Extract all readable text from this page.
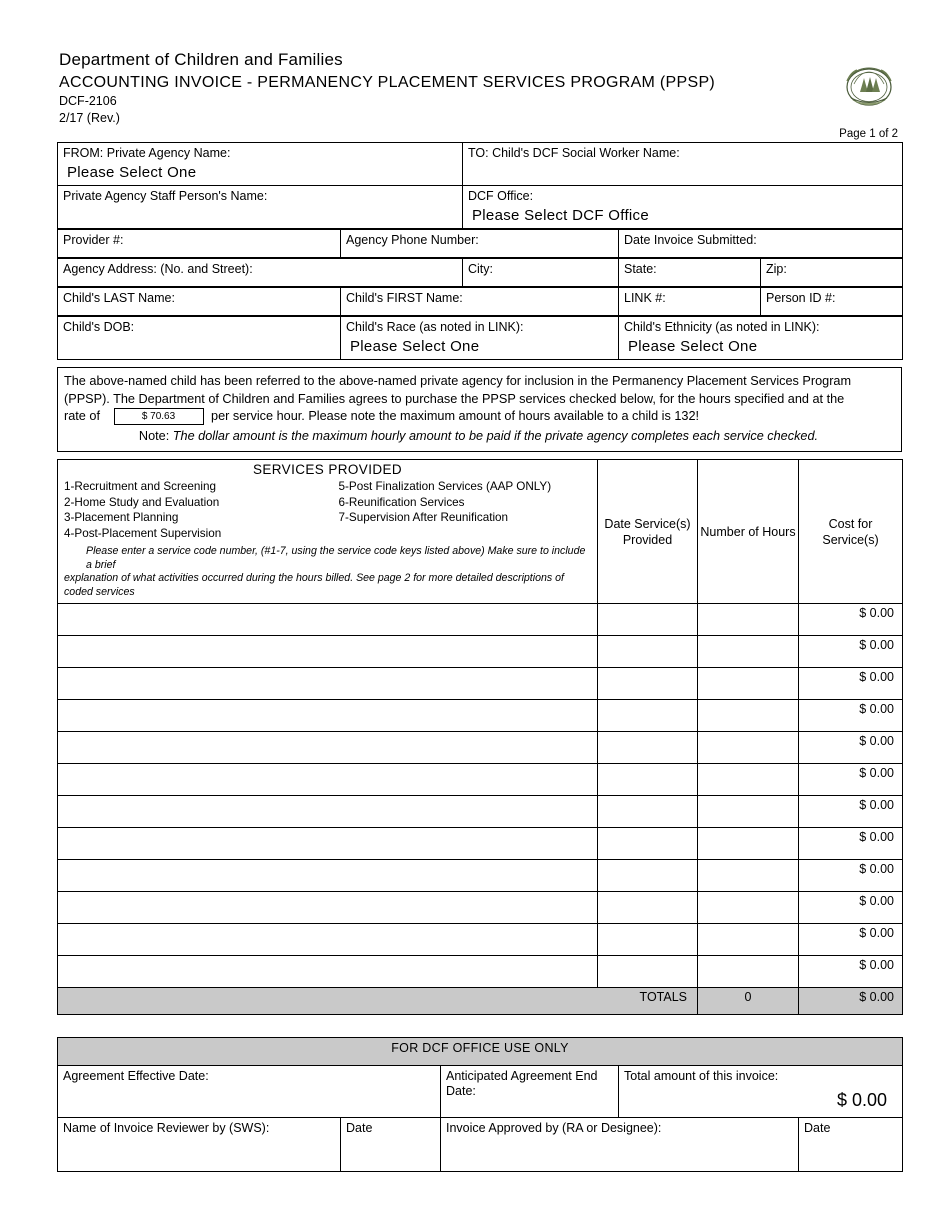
Department of Children and Families
ACCOUNTING INVOICE - PERMANENCY PLACEMENT SERVICES PROGRAM (PPSP)
DCF-2106
2/17 (Rev.)
Page 1 of 2
FROM: Private Agency Name:
Please Select One	TO: Child's DCF Social Worker Name:

Private Agency Staff Person's Name:	DCF Office:
Please Select DCF Office
Provider #:	Agency Phone Number:	Date Invoice Submitted:
Agency Address: (No. and Street):	City:	State:	Zip:
Child's LAST Name:	Child's FIRST Name:	LINK #:	Person ID #:
Child's DOB:	Child's Race (as noted in LINK):
Please Select One
	Child's Ethnicity (as noted in LINK):
Please Select One
The above-named child has been referred to the above-named private agency for inclusion in the Permanency Placement Services Program
(PPSP). The Department of Children and Families agrees to purchase the PPSP services checked below, for the hours specified and at the
rate of	$ 70.63	per service hour. Please note the maximum amount of hours available to a child is 132!
Note: The dollar amount is the maximum hourly amount to be paid if the private agency completes each service checked.
SERVICES PROVIDED
1-Recruitment and Screening
2-Home Study and Evaluation
3-Placement Planning
4-Post-Placement Supervision
5-Post Finalization Services (AAP ONLY)
6-Reunification Services
7-Supervision After Reunification
Please enter a service code number, (#1-7, using the service code keys listed above) Make sure to include a brief
explanation of what activities occurred during the hours billed. See page 2 for more detailed descriptions of coded services
	Date Service(s) Provided	Number of Hours	Cost for Service(s)
			$ 0.00
			$ 0.00
			$ 0.00
			$ 0.00
			$ 0.00
			$ 0.00
			$ 0.00
			$ 0.00
			$ 0.00
			$ 0.00
			$ 0.00
			$ 0.00
TOTALS		0	$ 0.00
FOR DCF OFFICE USE ONLY				
Agreement Effective Date:		Anticipated Agreement End Date:	Total amount of this invoice:
$ 0.00	

Name of Invoice Reviewer by (SWS):	Date	Invoice Approved by (RA or Designee):		Date
